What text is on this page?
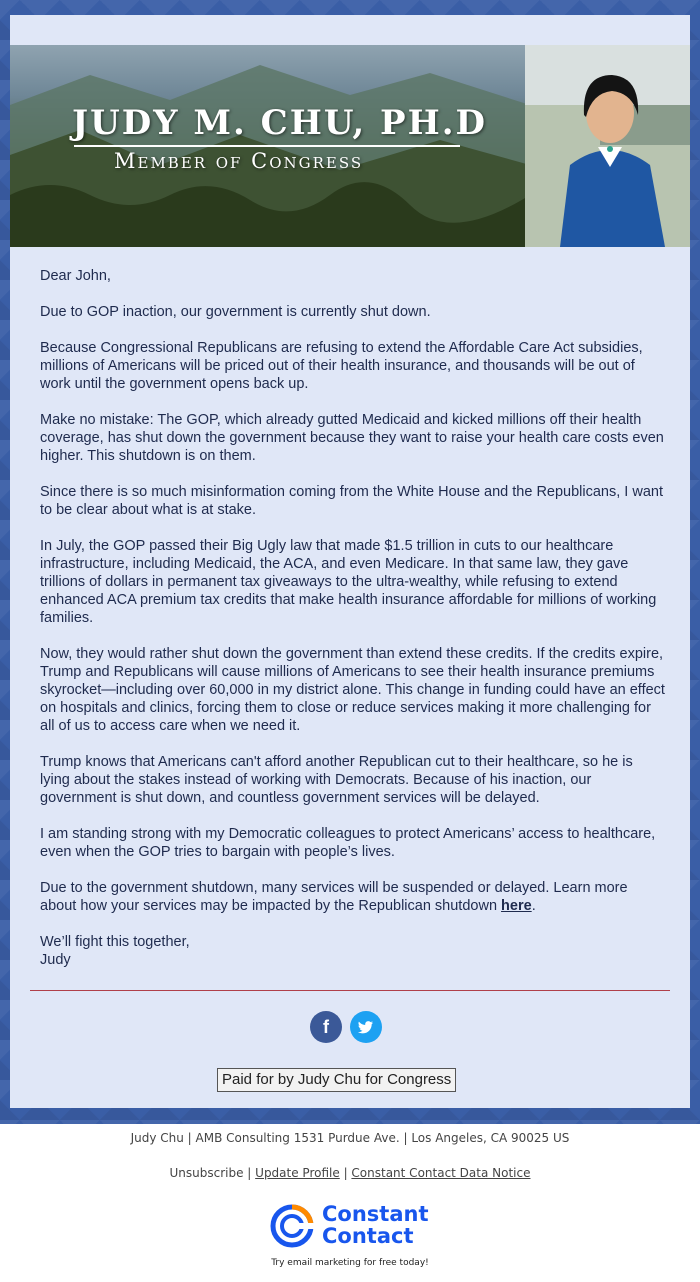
JUDY M. CHU, PH.D
Member of Congress

Dear John,

Due to GOP inaction, our government is currently shut down.

Because Congressional Republicans are refusing to extend the Affordable Care Act subsidies, millions of Americans will be priced out of their health insurance, and thousands will be out of work until the government opens back up.

Make no mistake: The GOP, which already gutted Medicaid and kicked millions off their health coverage, has shut down the government because they want to raise your health care costs even higher. This shutdown is on them.

Since there is so much misinformation coming from the White House and the Republicans, I want to be clear about what is at stake.

In July, the GOP passed their Big Ugly law that made $1.5 trillion in cuts to our healthcare infrastructure, including Medicaid, the ACA, and even Medicare. In that same law, they gave trillions of dollars in permanent tax giveaways to the ultra-wealthy, while refusing to extend enhanced ACA premium tax credits that make health insurance affordable for millions of working families.

Now, they would rather shut down the government than extend these credits. If the credits expire, Trump and Republicans will cause millions of Americans to see their health insurance premiums skyrocket—including over 60,000 in my district alone. This change in funding could have an effect on hospitals and clinics, forcing them to close or reduce services making it more challenging for all of us to access care when we need it.

Trump knows that Americans can't afford another Republican cut to their healthcare, so he is lying about the stakes instead of working with Democrats. Because of his inaction, our government is shut down, and countless government services will be delayed.

I am standing strong with my Democratic colleagues to protect Americans’ access to healthcare, even when the GOP tries to bargain with people’s lives.

Due to the government shutdown, many services will be suspended or delayed. Learn more about how your services may be impacted by the Republican shutdown here.

We’ll fight this together,
Judy

f
Paid for by Judy Chu for Congress
Judy Chu | AMB Consulting 1531 Purdue Ave. | Los Angeles, CA 90025 US
Unsubscribe | Update Profile | Constant Contact Data Notice
Constant
Contact
Try email marketing for free today!
